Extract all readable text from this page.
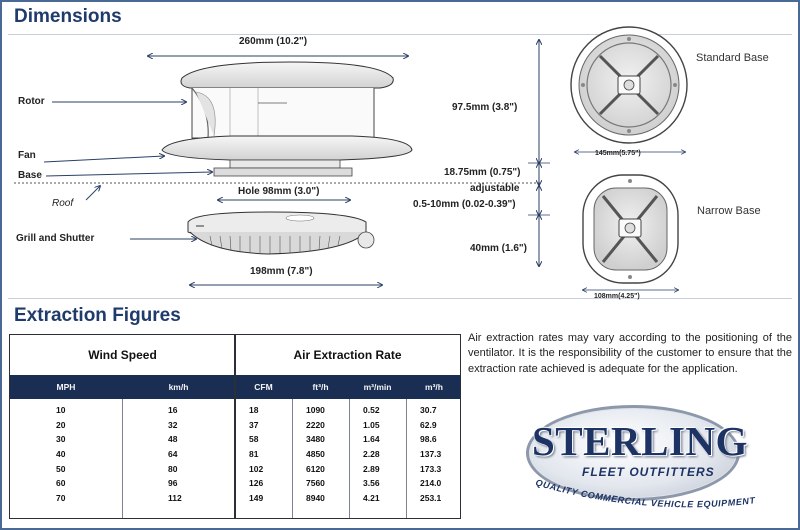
Dimensions
Extraction Figures
260mm (10.2")
Rotor
Fan
Base
Roof
Hole 98mm (3.0")
Grill and Shutter
198mm (7.8")
97.5mm (3.8")
18.75mm (0.75")
adjustable
0.5-10mm (0.02-0.39")
40mm (1.6")
Standard Base
145mm(5.75")
Narrow Base
108mm(4.25")
Wind Speed	Air Extraction Rate
MPH	km/h	CFM	ft³/h	m³/min	m³/h
10	16	18	1090	0.52	30.7
20	32	37	2220	1.05	62.9
30	48	58	3480	1.64	98.6
40	64	81	4850	2.28	137.3
50	80	102	6120	2.89	173.3
60	96	126	7560	3.56	214.0
70	112	149	8940	4.21	253.1
Air extraction rates may vary according to the positioning of the ventilator. It is the responsibility of the customer to ensure that the extraction rate achieved is adequate for the application.
STERLING
FLEET OUTFITTERS
QUALITY COMMERCIAL VEHICLE EQUIPMENT
